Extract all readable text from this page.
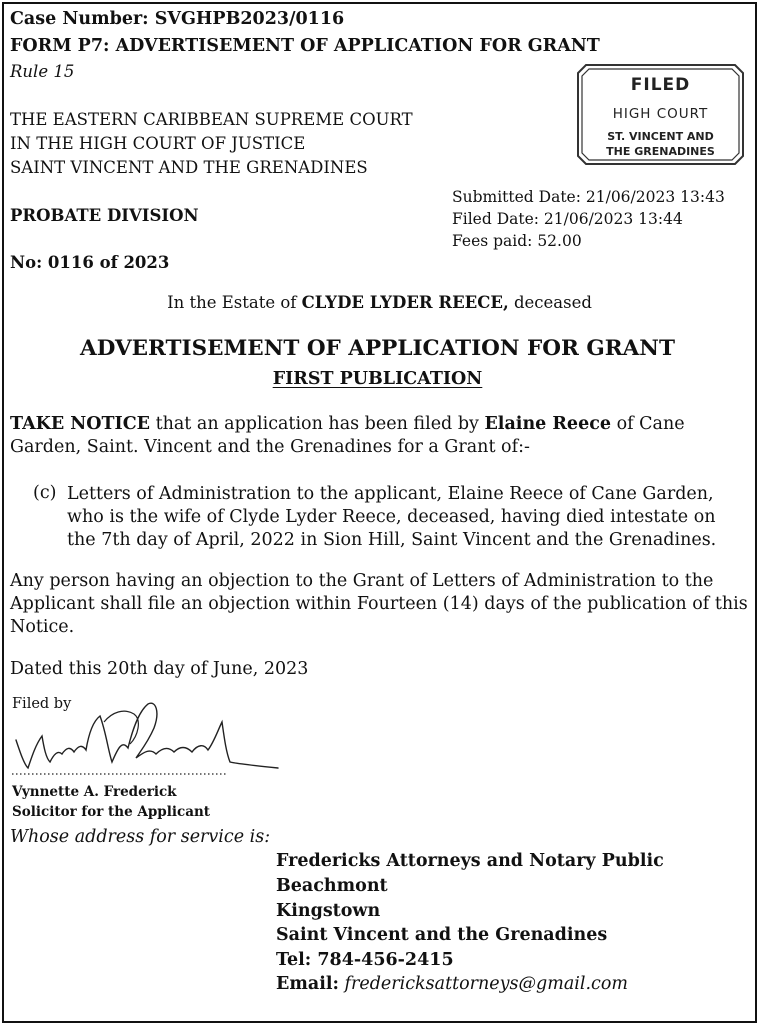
Case Number: SVGHPB2023/0116
FORM P7: ADVERTISEMENT OF APPLICATION FOR GRANT
Rule 15
THE EASTERN CARIBBEAN SUPREME COURT
IN THE HIGH COURT OF JUSTICE
SAINT VINCENT AND THE GRENADINES
PROBATE DIVISION
No: 0116 of 2023
FILED
HIGH COURT
ST. VINCENT AND
THE GRENADINES
Submitted Date: 21/06/2023 13:43
Filed Date: 21/06/2023 13:44
Fees paid: 52.00
In the Estate of CLYDE LYDER REECE, deceased
ADVERTISEMENT OF APPLICATION FOR GRANT
FIRST PUBLICATION
TAKE NOTICE that an application has been filed by Elaine Reece of Cane Garden, Saint. Vincent and the Grenadines for a Grant of:-
(c) Letters of Administration to the applicant, Elaine Reece of Cane Garden, who is the wife of Clyde Lyder Reece, deceased, having died intestate on the 7th day of April, 2022 in Sion Hill, Saint Vincent and the Grenadines.
Any person having an objection to the Grant of Letters of Administration to the Applicant shall file an objection within Fourteen (14) days of the publication of this Notice.
Dated this 20th day of June, 2023
Filed by
Vynnette A. Frederick
Solicitor for the Applicant
Whose address for service is:
Fredericks Attorneys and Notary Public
Beachmont
Kingstown
Saint Vincent and the Grenadines
Tel: 784-456-2415
Email: fredericksattorneys@gmail.com
